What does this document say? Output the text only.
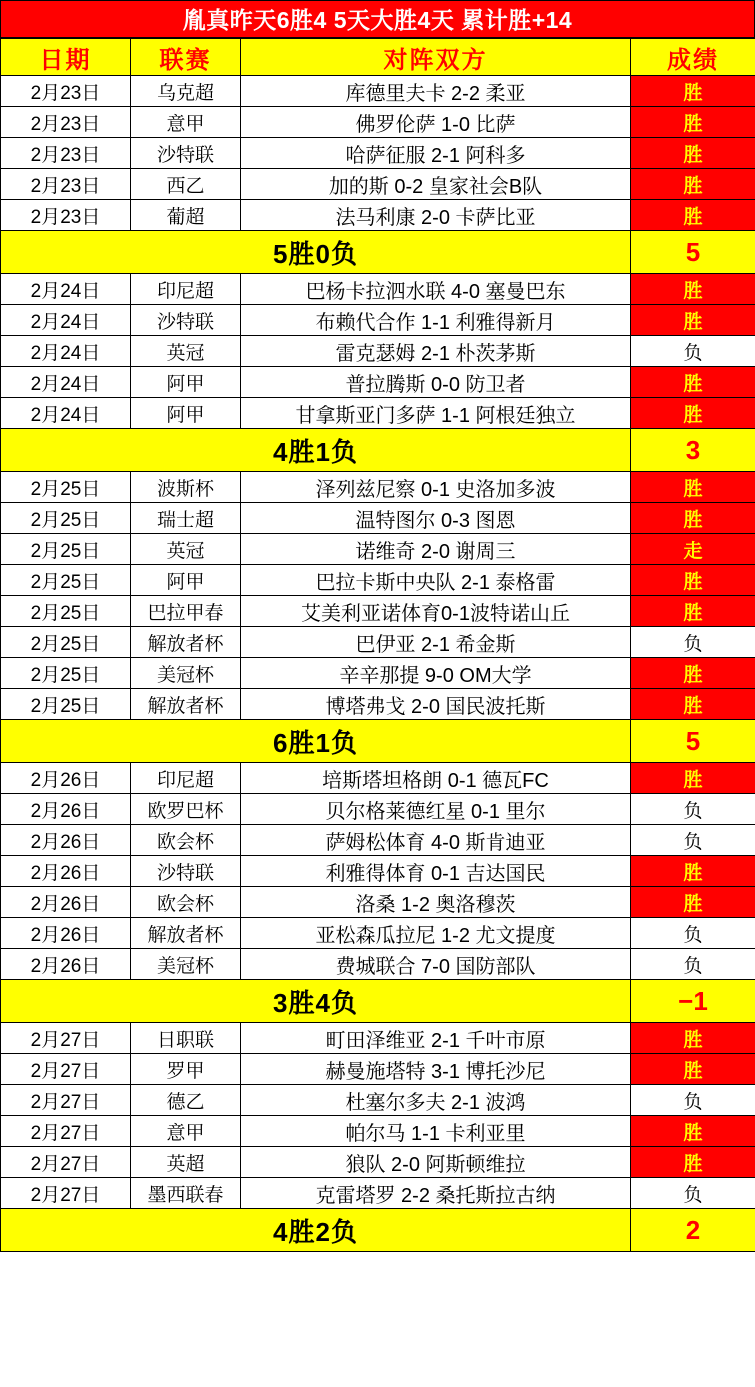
胤真昨天6胜4 5天大胜4天 累计胜+14
日期	联赛	对阵双方	成绩
2月23日	乌克超	库德里夫卡 2-2 柔亚	胜
2月23日	意甲	佛罗伦萨 1-0 比萨	胜
2月23日	沙特联	哈萨征服 2-1 阿科多	胜
2月23日	西乙	加的斯 0-2 皇家社会B队	胜
2月23日	葡超	法马利康 2-0 卡萨比亚	胜
5胜0负			5
2月24日	印尼超	巴杨卡拉泗水联 4-0 塞曼巴东	胜
2月24日	沙特联	布赖代合作 1-1 利雅得新月	胜
2月24日	英冠	雷克瑟姆 2-1 朴茨茅斯	负
2月24日	阿甲	普拉腾斯 0-0 防卫者	胜
2月24日	阿甲	甘拿斯亚门多萨 1-1 阿根廷独立	胜
4胜1负			3
2月25日	波斯杯	泽列兹尼察 0-1 史洛加多波	胜
2月25日	瑞士超	温特图尔 0-3 图恩	胜
2月25日	英冠	诺维奇 2-0 谢周三	走
2月25日	阿甲	巴拉卡斯中央队 2-1 泰格雷	胜
2月25日	巴拉甲春	艾美利亚诺体育0-1波特诺山丘	胜
2月25日	解放者杯	巴伊亚 2-1 希金斯	负
2月25日	美冠杯	辛辛那提 9-0 OM大学	胜
2月25日	解放者杯	博塔弗戈 2-0 国民波托斯	胜
6胜1负			5
2月26日	印尼超	培斯塔坦格朗 0-1 德瓦FC	胜
2月26日	欧罗巴杯	贝尔格莱德红星 0-1 里尔	负
2月26日	欧会杯	萨姆松体育 4-0 斯肯迪亚	负
2月26日	沙特联	利雅得体育 0-1 吉达国民	胜
2月26日	欧会杯	洛桑 1-2 奥洛穆茨	胜
2月26日	解放者杯	亚松森瓜拉尼 1-2 尤文提度	负
2月26日	美冠杯	费城联合 7-0 国防部队	负
3胜4负			−1
2月27日	日职联	町田泽维亚 2-1 千叶市原	胜
2月27日	罗甲	赫曼施塔特 3-1 博托沙尼	胜
2月27日	德乙	杜塞尔多夫 2-1 波鸿	负
2月27日	意甲	帕尔马 1-1 卡利亚里	胜
2月27日	英超	狼队 2-0 阿斯顿维拉	胜
2月27日	墨西联春	克雷塔罗 2-2 桑托斯拉古纳	负
4胜2负			2
